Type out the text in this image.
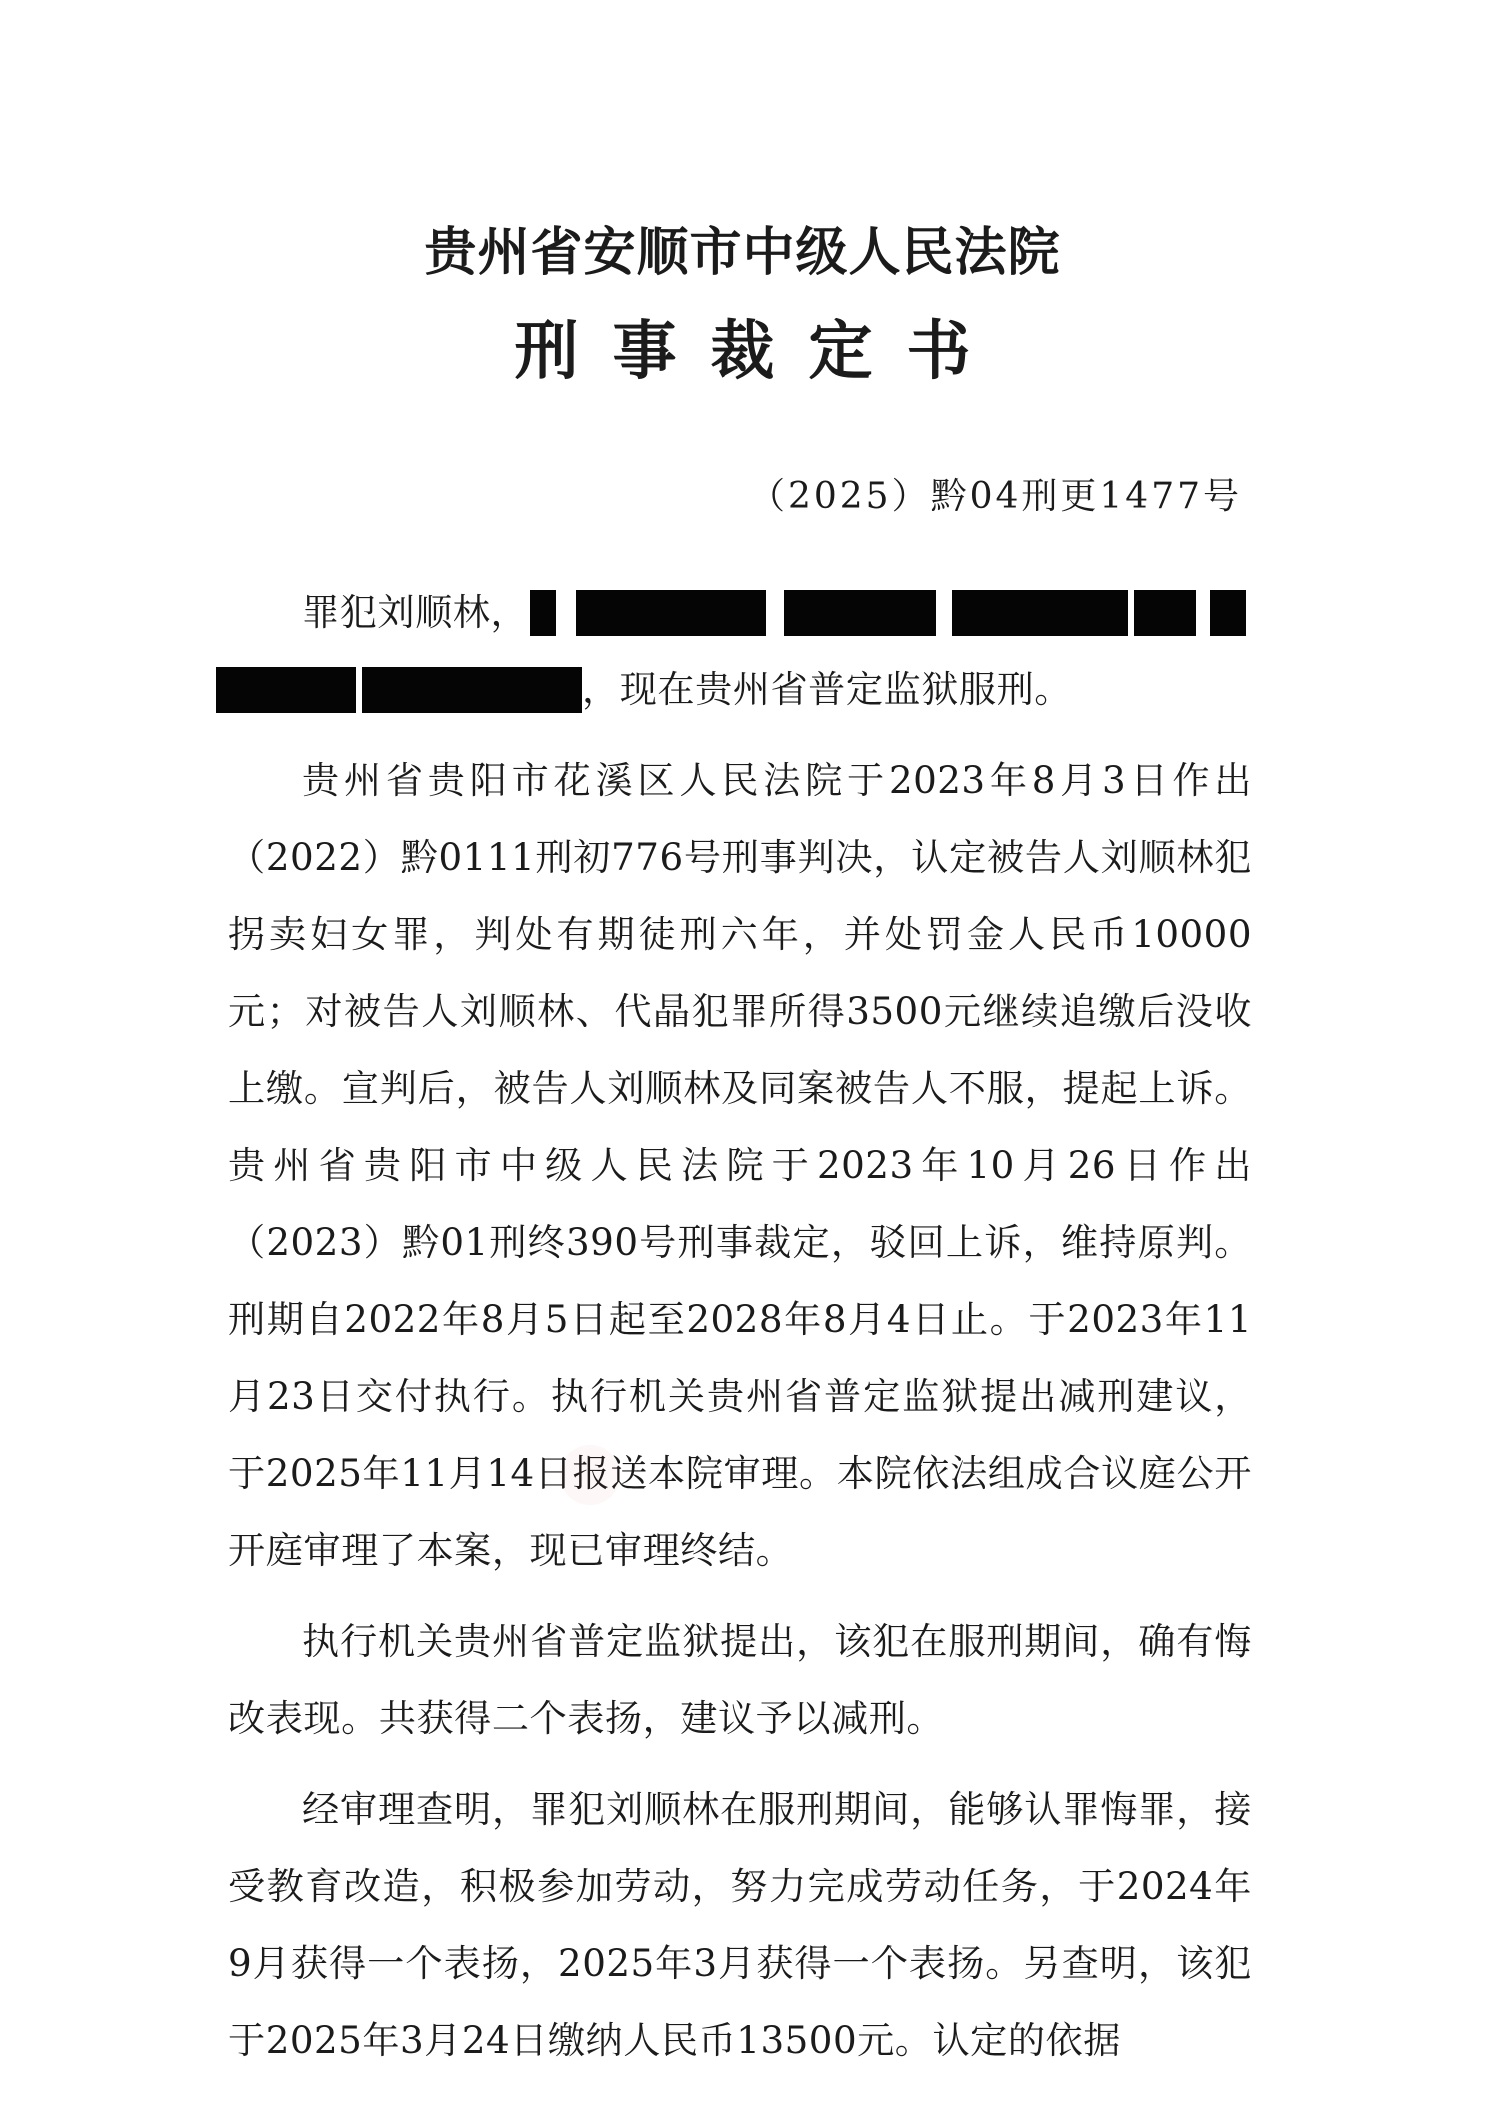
贵州省安顺市中级人民法院
刑事裁定书
（2025）黔04刑更1477号

罪犯刘顺林，

，现在贵州省普定监狱服刑。

贵州省贵阳市花溪区人民法院于2023年8月3日作出（2022）黔0111刑初776号刑事判决，认定被告人刘顺林犯拐卖妇女罪，判处有期徒刑六年，并处罚金人民币10000元；对被告人刘顺林、代晶犯罪所得3500元继续追缴后没收上缴。宣判后，被告人刘顺林及同案被告人不服，提起上诉。贵州省贵阳市中级人民法院于2023年10月26日作出（2023）黔01刑终390号刑事裁定，驳回上诉，维持原判。刑期自2022年8月5日起至2028年8月4日止。于2023年11月23日交付执行。执行机关贵州省普定监狱提出减刑建议，于2025年11月14日报送本院审理。本院依法组成合议庭公开开庭审理了本案，现已审理终结。

执行机关贵州省普定监狱提出，该犯在服刑期间，确有悔改表现。共获得二个表扬，建议予以减刑。

经审理查明，罪犯刘顺林在服刑期间，能够认罪悔罪，接受教育改造，积极参加劳动，努力完成劳动任务，于2024年9月获得一个表扬，2025年3月获得一个表扬。另查明，该犯于2025年3月24日缴纳人民币13500元。认定的依据
